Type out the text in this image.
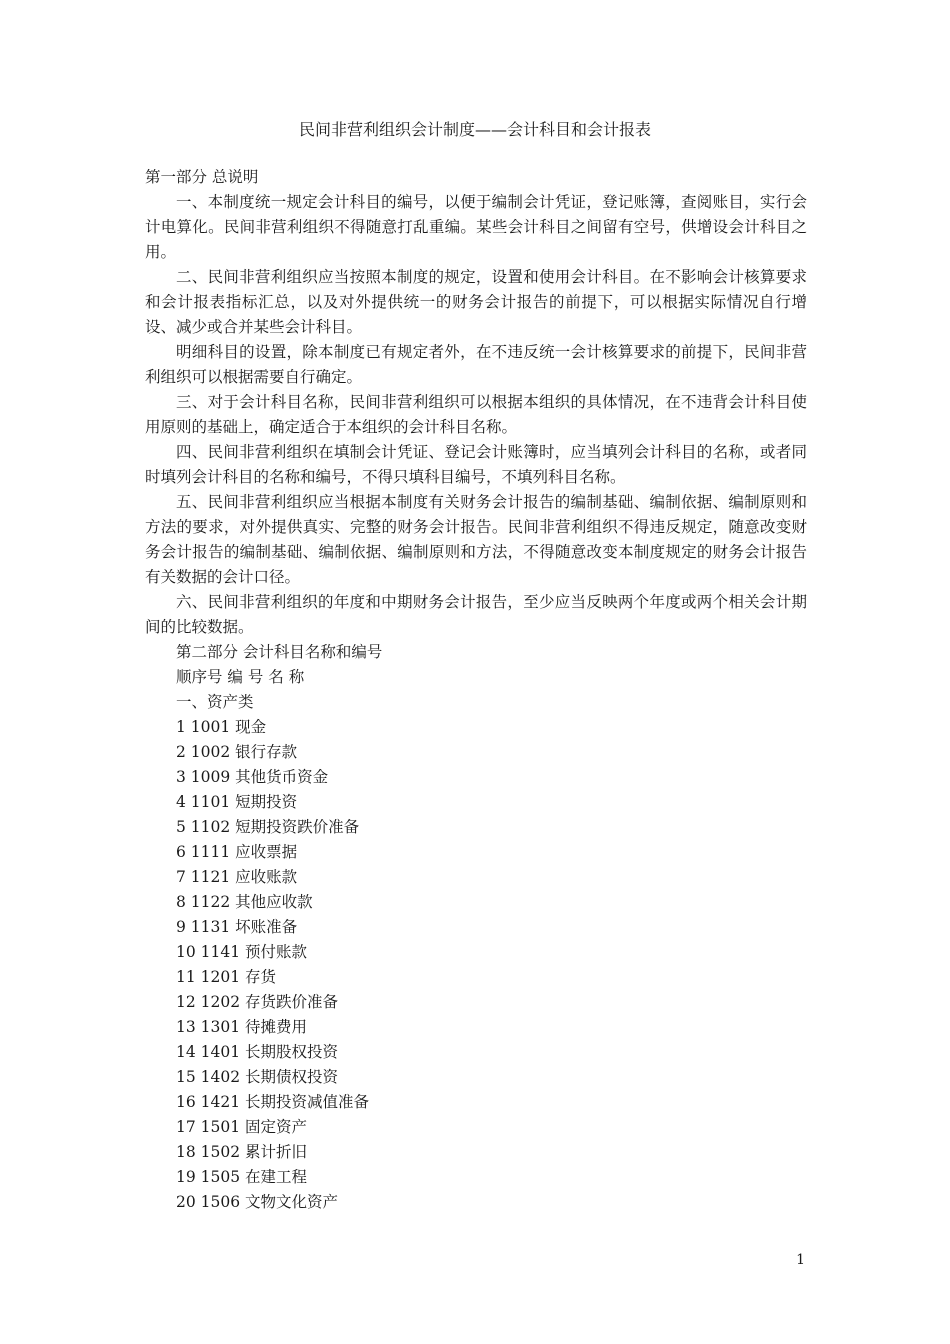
民间非营利组织会计制度——会计科目和会计报表

第一部分 总说明

一、本制度统一规定会计科目的编号，以便于编制会计凭证，登记账簿，查阅账目，实行会计电算化。民间非营利组织不得随意打乱重编。某些会计科目之间留有空号，供增设会计科目之用。

二、民间非营利组织应当按照本制度的规定，设置和使用会计科目。在不影响会计核算要求和会计报表指标汇总，以及对外提供统一的财务会计报告的前提下，可以根据实际情况自行增设、减少或合并某些会计科目。

明细科目的设置，除本制度已有规定者外，在不违反统一会计核算要求的前提下，民间非营利组织可以根据需要自行确定。

三、对于会计科目名称，民间非营利组织可以根据本组织的具体情况，在不违背会计科目使用原则的基础上，确定适合于本组织的会计科目名称。

四、民间非营利组织在填制会计凭证、登记会计账簿时，应当填列会计科目的名称，或者同时填列会计科目的名称和编号，不得只填科目编号，不填列科目名称。

五、民间非营利组织应当根据本制度有关财务会计报告的编制基础、编制依据、编制原则和方法的要求，对外提供真实、完整的财务会计报告。民间非营利组织不得违反规定，随意改变财务会计报告的编制基础、编制依据、编制原则和方法，不得随意改变本制度规定的财务会计报告有关数据的会计口径。

六、民间非营利组织的年度和中期财务会计报告，至少应当反映两个年度或两个相关会计期间的比较数据。

第二部分 会计科目名称和编号

顺序号 编 号 名 称

一、资产类

1 1001 现金
2 1002 银行存款
3 1009 其他货币资金
4 1101 短期投资
5 1102 短期投资跌价准备
6 1111 应收票据
7 1121 应收账款
8 1122 其他应收款
9 1131 坏账准备
10 1141 预付账款
11 1201 存货
12 1202 存货跌价准备
13 1301 待摊费用
14 1401 长期股权投资
15 1402 长期债权投资
16 1421 长期投资减值准备
17 1501 固定资产
18 1502 累计折旧
19 1505 在建工程
20 1506 文物文化资产
1
